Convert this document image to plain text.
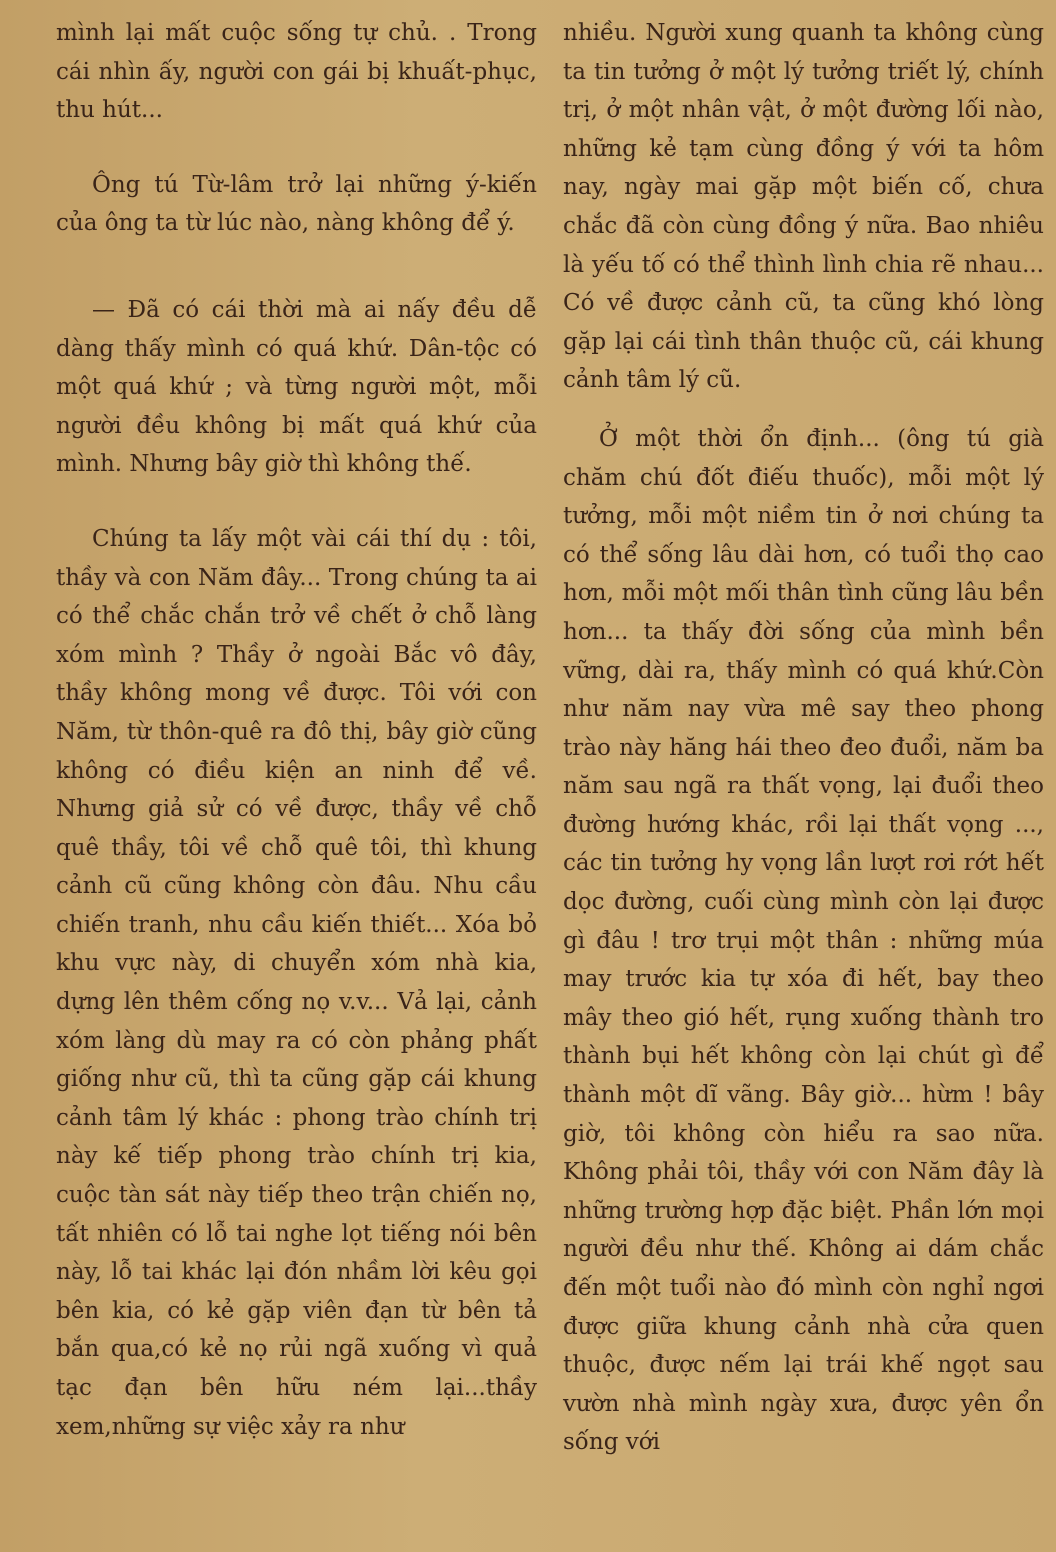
mình lại mất cuộc sống tự chủ. . Trong cái nhìn ấy, người con gái bị khuất-phục, thu hút...

Ông tú Từ-lâm trở lại những ý-kiến của ông ta từ lúc nào, nàng không để ý.

— Đã có cái thời mà ai nấy đều dễ dàng thấy mình có quá khứ. Dân-tộc có một quá khứ ; và từng người một, mỗi người đều không bị mất quá khứ của mình. Nhưng bây giờ thì không thế.

Chúng ta lấy một vài cái thí dụ : tôi, thầy và con Năm đây... Trong chúng ta ai có thể chắc chắn trở về chết ở chỗ làng xóm mình ? Thầy ở ngoài Bắc vô đây, thầy không mong về được. Tôi với con Năm, từ thôn-quê ra đô thị, bây giờ cũng không có điều kiện an ninh để về. Nhưng giả sử có về được, thầy về chỗ quê thầy, tôi về chỗ quê tôi, thì khung cảnh cũ cũng không còn đâu. Nhu cầu chiến tranh, nhu cầu kiến thiết... Xóa bỏ khu vực này, di chuyển xóm nhà kia, dựng lên thêm cống nọ v.v... Vả lại, cảnh xóm làng dù may ra có còn phảng phất giống như cũ, thì ta cũng gặp cái khung cảnh tâm lý khác : phong trào chính trị này kế tiếp phong trào chính trị kia, cuộc tàn sát này tiếp theo trận chiến nọ, tất nhiên có lỗ tai nghe lọt tiếng nói bên này, lỗ tai khác lại đón nhầm lời kêu gọi bên kia, có kẻ gặp viên đạn từ bên tả bắn qua,có kẻ nọ rủi ngã xuống vì quả tạc đạn bên hữu ném lại...thầy xem,những sự việc xảy ra như

nhiều. Người xung quanh ta không cùng ta tin tưởng ở một lý tưởng triết lý, chính trị, ở một nhân vật, ở một đường lối nào, những kẻ tạm cùng đồng ý với ta hôm nay, ngày mai gặp một biến cố, chưa chắc đã còn cùng đồng ý nữa. Bao nhiêu là yếu tố có thể thình lình chia rẽ nhau... Có về được cảnh cũ, ta cũng khó lòng gặp lại cái tình thân thuộc cũ, cái khung cảnh tâm lý cũ.

Ở một thời ổn định... (ông tú già chăm chú đốt điếu thuốc), mỗi một lý tưởng, mỗi một niềm tin ở nơi chúng ta có thể sống lâu dài hơn, có tuổi thọ cao hơn, mỗi một mối thân tình cũng lâu bền hơn... ta thấy đời sống của mình bền vững, dài ra, thấy mình có quá khứ.Còn như năm nay vừa mê say theo phong trào này hăng hái theo đeo đuổi, năm ba năm sau ngã ra thất vọng, lại đuổi theo đường hướng khác, rồi lại thất vọng ..., các tin tưởng hy vọng lần lượt rơi rớt hết dọc đường, cuối cùng mình còn lại được gì đâu ! trơ trụi một thân : những múa may trước kia tự xóa đi hết, bay theo mây theo gió hết, rụng xuống thành tro thành bụi hết không còn lại chút gì để thành một dĩ vãng. Bây giờ... hừm ! bây giờ, tôi không còn hiểu ra sao nữa. Không phải tôi, thầy với con Năm đây là những trường hợp đặc biệt. Phần lớn mọi người đều như thế. Không ai dám chắc đến một tuổi nào đó mình còn nghỉ ngơi được giữa khung cảnh nhà cửa quen thuộc, được nếm lại trái khế ngọt sau vườn nhà mình ngày xưa, được yên ổn sống với
